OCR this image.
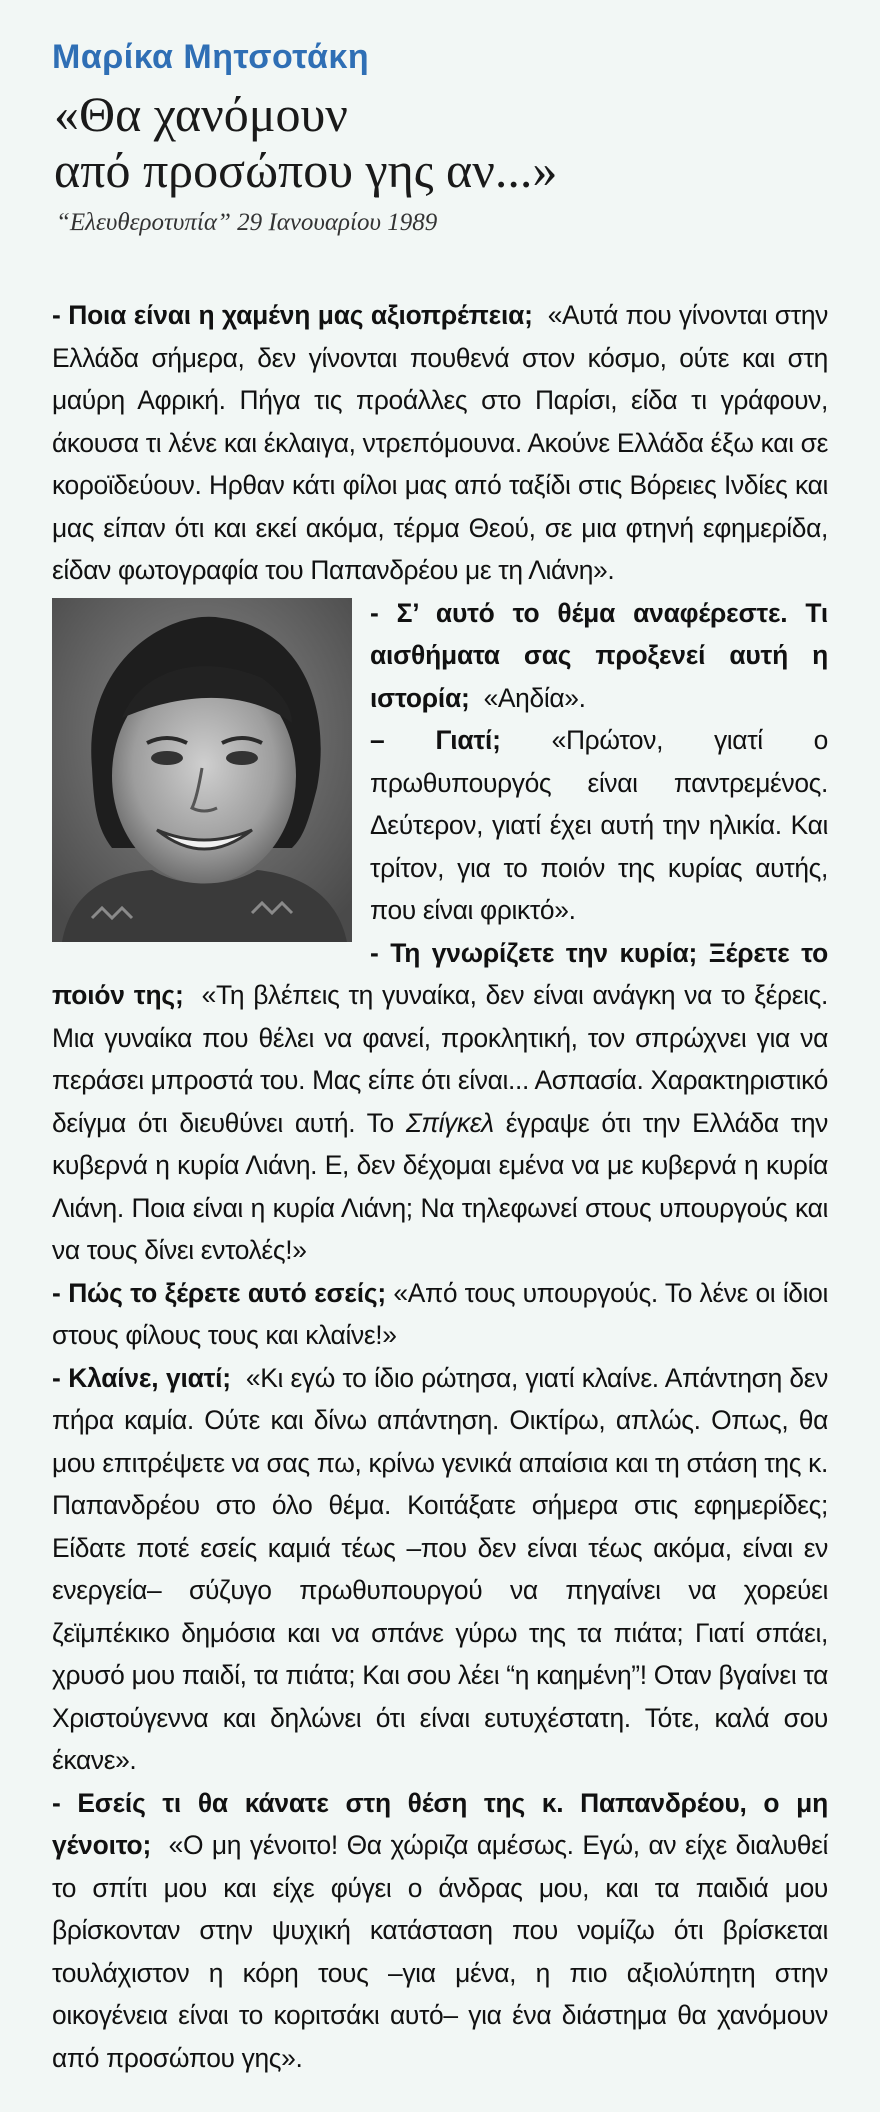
Μαρίκα Μητσοτάκη
«Θα χανόμουν
από προσώπου γης αν...»
“Ελευθεροτυπία” 29 Ιανουαρίου 1989

- Ποια είναι η χαμένη μας αξιοπρέπεια; «Αυτά που γίνονται στην Ελλάδα σήμερα, δεν γίνονται πουθενά στον κόσμο, ούτε και στη μαύρη Αφρική. Πήγα τις προάλλες στο Παρίσι, είδα τι γράφουν, άκουσα τι λένε και έκλαιγα, ντρεπόμουνα. Ακούνε Ελλάδα έξω και σε κοροϊδεύουν. Ηρθαν κάτι φίλοι μας από ταξίδι στις Βόρειες Ινδίες και μας είπαν ότι και εκεί ακόμα, τέρμα Θεού, σε μια φτηνή εφημερίδα, είδαν φωτογραφία του Παπανδρέου με τη Λιάνη».

- Σ’ αυτό το θέμα αναφέρεστε. Τι αισθήματα σας προξενεί αυτή η ιστορία; «Αηδία».

– Γιατί; «Πρώτον, γιατί ο πρωθυπουργός είναι παντρεμένος. Δεύτερον, γιατί έχει αυτή την ηλικία. Και τρίτον, για το ποιόν της κυρίας αυτής, που είναι φρικτό».

- Τη γνωρίζετε την κυρία; Ξέρετε το ποιόν της; «Τη βλέπεις τη γυναίκα, δεν είναι ανάγκη να το ξέρεις. Μια γυναίκα που θέλει να φανεί, προκλητική, τον σπρώχνει για να περάσει μπροστά του. Μας είπε ότι είναι... Ασπασία. Χαρακτηριστικό δείγμα ότι διευθύνει αυτή. Το Σπίγκελ έγραψε ότι την Ελλάδα την κυβερνά η κυρία Λιάνη. Ε, δεν δέχομαι εμένα να με κυβερνά η κυρία Λιάνη. Ποια είναι η κυρία Λιάνη; Να τηλεφωνεί στους υπουργούς και να τους δίνει εντολές!»

- Πώς το ξέρετε αυτό εσείς; «Από τους υπουργούς. Το λένε οι ίδιοι στους φίλους τους και κλαίνε!»

- Κλαίνε, γιατί; «Κι εγώ το ίδιο ρώτησα, γιατί κλαίνε. Απάντηση δεν πήρα καμία. Ούτε και δίνω απάντηση. Οικτίρω, απλώς. Οπως, θα μου επιτρέψετε να σας πω, κρίνω γενικά απαίσια και τη στάση της κ. Παπανδρέου στο όλο θέμα. Κοιτάξατε σήμερα στις εφημερίδες; Είδατε ποτέ εσείς καμιά τέως –που δεν είναι τέως ακόμα, είναι εν ενεργεία– σύζυγο πρωθυπουργού να πηγαίνει να χορεύει ζεϊμπέκικο δημόσια και να σπάνε γύρω της τα πιάτα; Γιατί σπάει, χρυσό μου παιδί, τα πιάτα; Και σου λέει “η καημένη”! Οταν βγαίνει τα Χριστούγεννα και δηλώνει ότι είναι ευτυχέστατη. Τότε, καλά σου έκανε».

- Εσείς τι θα κάνατε στη θέση της κ. Παπανδρέου, ο μη γένοιτο; «Ο μη γένοιτο! Θα χώριζα αμέσως. Εγώ, αν είχε διαλυθεί το σπίτι μου και είχε φύγει ο άνδρας μου, και τα παιδιά μου βρίσκονταν στην ψυχική κατάσταση που νομίζω ότι βρίσκεται τουλάχιστον η κόρη τους –για μένα, η πιο αξιολύπητη στην οικογένεια είναι το κοριτσάκι αυτό– για ένα διάστημα θα χανόμουν από προσώπου γης».
